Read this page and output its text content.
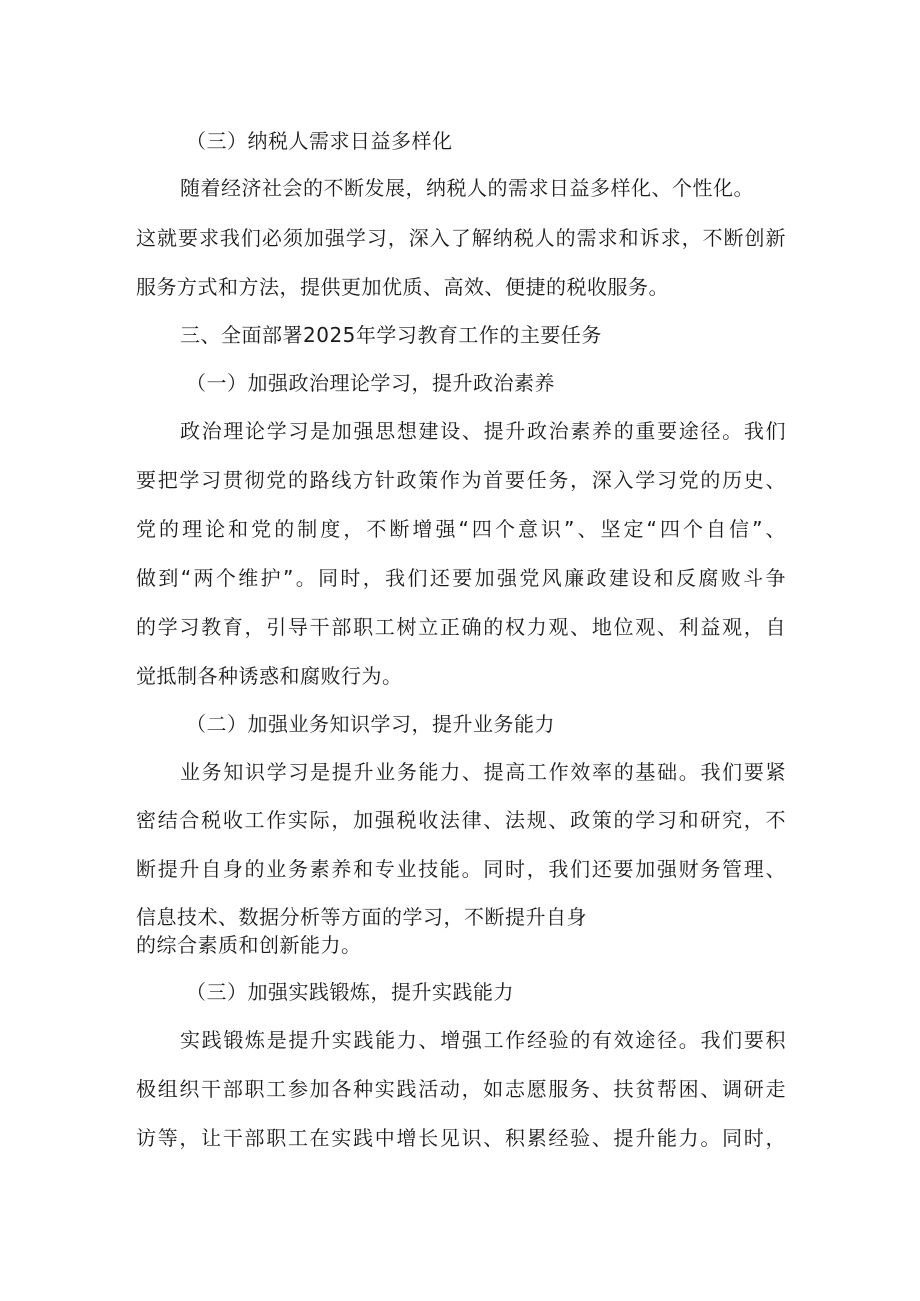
（三）纳税人需求日益多样化
随着经济社会的不断发展，纳税人的需求日益多样化、个性化。
这就要求我们必须加强学习，深入了解纳税人的需求和诉求，不断创新
服务方式和方法，提供更加优质、高效、便捷的税收服务。
三、全面部署2025年学习教育工作的主要任务
（一）加强政治理论学习，提升政治素养
政治理论学习是加强思想建设、提升政治素养的重要途径。我们
要把学习贯彻党的路线方针政策作为首要任务，深入学习党的历史、
党的理论和党的制度，不断增强“四个意识”、坚定“四个自信”、
做到“两个维护”。同时，我们还要加强党风廉政建设和反腐败斗争
的学习教育，引导干部职工树立正确的权力观、地位观、利益观，自
觉抵制各种诱惑和腐败行为。
（二）加强业务知识学习，提升业务能力
业务知识学习是提升业务能力、提高工作效率的基础。我们要紧
密结合税收工作实际，加强税收法律、法规、政策的学习和研究，不
断提升自身的业务素养和专业技能。同时，我们还要加强财务管理、
信息技术、数据分析等方面的学习，不断提升自身
的综合素质和创新能力。
（三）加强实践锻炼，提升实践能力
实践锻炼是提升实践能力、增强工作经验的有效途径。我们要积
极组织干部职工参加各种实践活动，如志愿服务、扶贫帮困、调研走
访等，让干部职工在实践中增长见识、积累经验、提升能力。同时，
